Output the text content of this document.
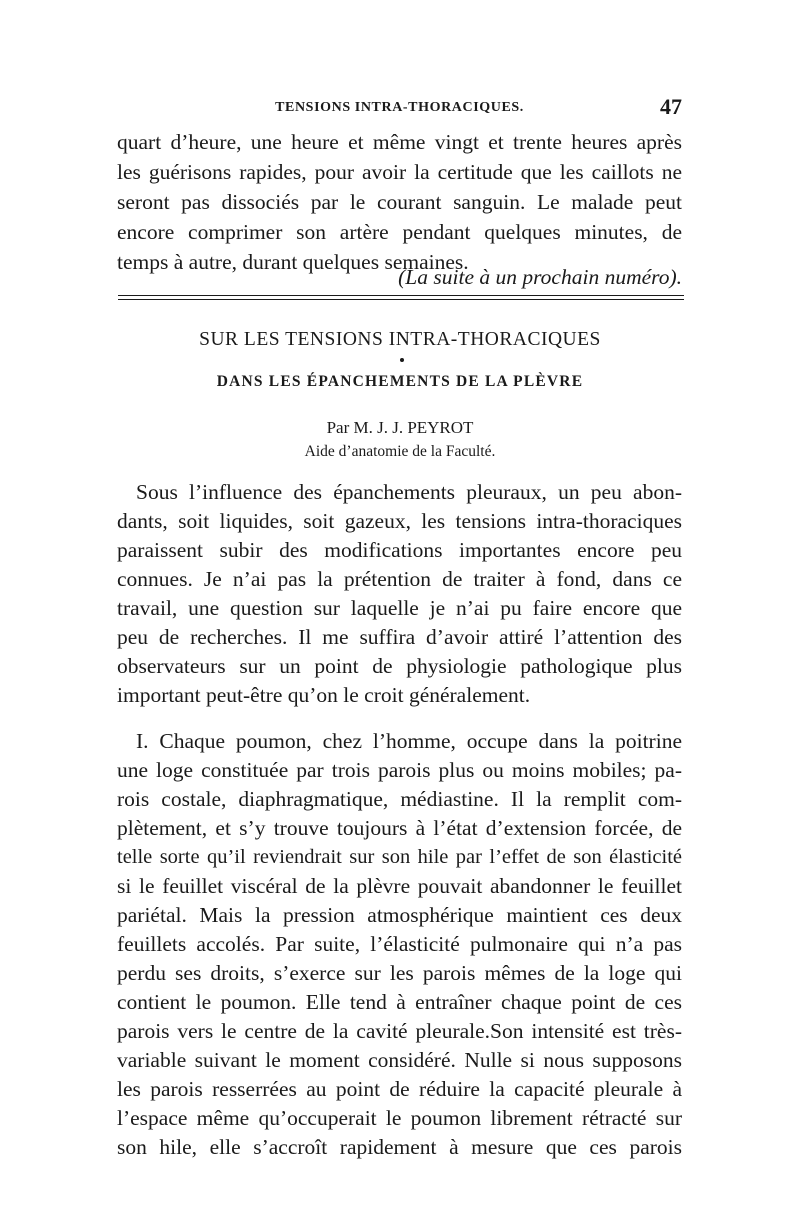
TENSIONS INTRA-THORACIQUES.	47
quart d’heure, une heure et même vingt et trente heures après
les guérisons rapides, pour avoir la certitude que les caillots ne
seront pas dissociés par le courant sanguin. Le malade peut
encore comprimer son artère pendant quelques minutes, de
temps à autre, durant quelques semaines.
(La suite à un prochain numéro).
SUR LES TENSIONS INTRA-THORACIQUES
DANS LES ÉPANCHEMENTS DE LA PLÈVRE
Par M. J. J. PEYROT
Aide d’anatomie de la Faculté.
Sous l’influence des épanchements pleuraux, un peu abon-
dants, soit liquides, soit gazeux, les tensions intra-thoraciques
paraissent subir des modifications importantes encore peu
connues. Je n’ai pas la prétention de traiter à fond, dans ce
travail, une question sur laquelle je n’ai pu faire encore que
peu de recherches. Il me suffira d’avoir attiré l’attention des
observateurs sur un point de physiologie pathologique plus
important peut-être qu’on le croit généralement.
I. Chaque poumon, chez l’homme, occupe dans la poitrine
une loge constituée par trois parois plus ou moins mobiles; pa-
rois costale, diaphragmatique, médiastine. Il la remplit com-
plètement, et s’y trouve toujours à l’état d’extension forcée, de
telle sorte qu’il reviendrait sur son hile par l’effet de son élasticité
si le feuillet viscéral de la plèvre pouvait abandonner le feuillet
pariétal. Mais la pression atmosphérique maintient ces deux
feuillets accolés. Par suite, l’élasticité pulmonaire qui n’a pas
perdu ses droits, s’exerce sur les parois mêmes de la loge qui
contient le poumon. Elle tend à entraîner chaque point de ces
parois vers le centre de la cavité pleurale.Son intensité est très-
variable suivant le moment considéré. Nulle si nous supposons
les parois resserrées au point de réduire la capacité pleurale à
l’espace même qu’occuperait le poumon librement rétracté sur
son hile, elle s’accroît rapidement à mesure que ces parois
